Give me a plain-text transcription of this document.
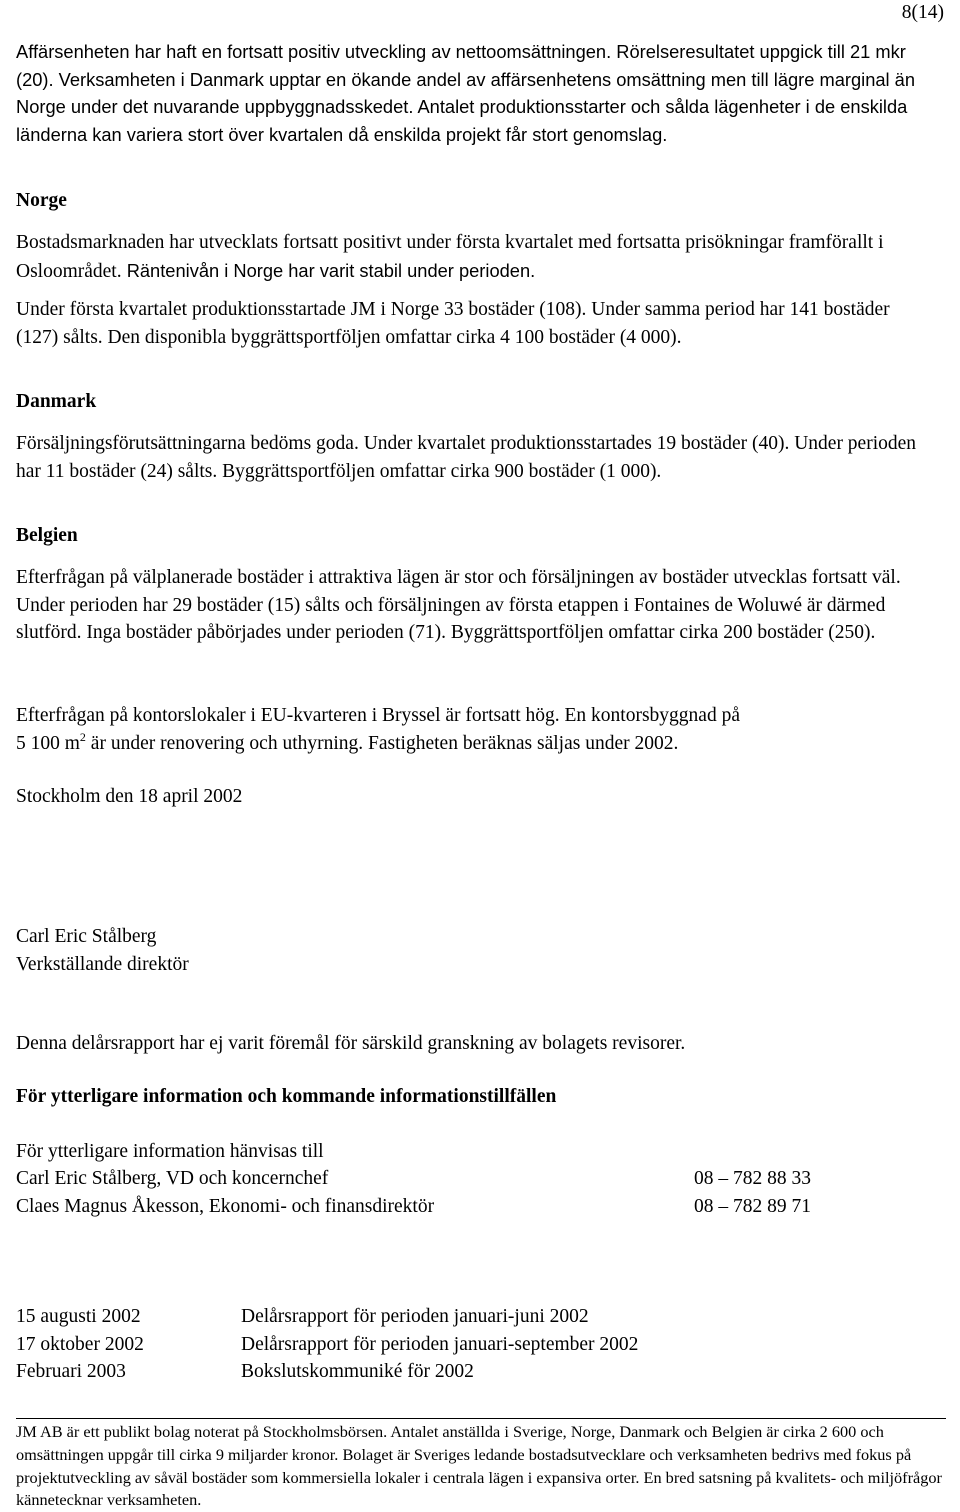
8(14)

Affärsenheten har haft en fortsatt positiv utveckling av nettoomsättningen. Rörelseresultatet uppgick till 21 mkr (20). Verksamheten i Danmark upptar en ökande andel av affärsenhetens omsättning men till lägre marginal än Norge under det nuvarande uppbyggnadsskedet. Antalet produktionsstarter och sålda lägenheter i de enskilda länderna kan variera stort över kvartalen då enskilda projekt får stort genomslag.

Norge

Bostadsmarknaden har utvecklats fortsatt positivt under första kvartalet med fortsatta prisökningar framförallt i Osloområdet. Räntenivån i Norge har varit stabil under perioden.

Under första kvartalet produktionsstartade JM i Norge 33 bostäder (108). Under samma period har 141 bostäder (127) sålts. Den disponibla byggrättsportföljen omfattar cirka 4 100 bostäder (4 000).

Danmark

Försäljningsförutsättningarna bedöms goda. Under kvartalet produktionsstartades 19 bostäder (40). Under perioden har 11 bostäder (24) sålts. Byggrättsportföljen omfattar cirka 900 bostäder (1 000).

Belgien

Efterfrågan på välplanerade bostäder i attraktiva lägen är stor och försäljningen av bostäder utvecklas fortsatt väl. Under perioden har 29 bostäder (15) sålts och försäljningen av första etappen i Fontaines de Woluwé är därmed slutförd. Inga bostäder påbörjades under perioden (71). Byggrättsportföljen omfattar cirka 200 bostäder (250).

Efterfrågan på kontorslokaler i EU-kvarteren i Bryssel är fortsatt hög. En kontorsbyggnad på
5 100 $m^2$ är under renovering och uthyrning. Fastigheten beräknas säljas under 2002.

Stockholm den 18 april 2002
Carl Eric Stålberg
Verkställande direktör
Denna delårsrapport har ej varit föremål för särskild granskning av bolagets revisorer.
För ytterligare information och kommande informationstillfällen
För ytterligare information hänvisas till
Carl Eric Stålberg, VD och koncernchef	08 – 782 88 33
Claes Magnus Åkesson, Ekonomi- och finansdirektör	08 – 782 89 71
15 augusti 2002	Delårsrapport för perioden januari-juni 2002
17 oktober 2002	Delårsrapport för perioden januari-september 2002
Februari 2003	Bokslutskommuniké för 2002
JM AB är ett publikt bolag noterat på Stockholmsbörsen. Antalet anställda i Sverige, Norge, Danmark och Belgien är cirka 2 600 och omsättningen uppgår till cirka 9 miljarder kronor. Bolaget är Sveriges ledande bostadsutvecklare och verksamheten bedrivs med fokus på projektutveckling av såväl bostäder som kommersiella lokaler i centrala lägen i expansiva orter. En bred satsning på kvalitets- och miljöfrågor kännetecknar verksamheten.
